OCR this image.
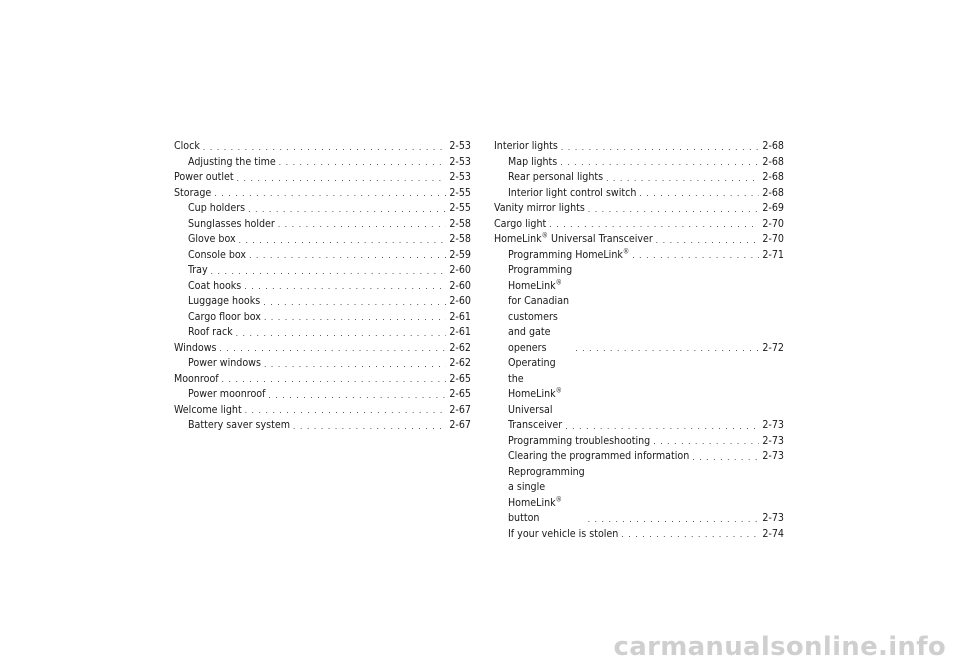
Clock . . .	2-53
Adjusting the time . . .	2-53
Power outlet . . .	2-53
Storage . . .	2-55
Cup holders . . .	2-55
Sunglasses holder . . .	2-58
Glove box . . .	2-58
Console box . . .	2-59
Tray . . .	2-60
Coat hooks . . .	2-60
Luggage hooks . . .	2-60
Cargo floor box . . .	2-61
Roof rack . . .	2-61
Windows . . .	2-62
Power windows . . .	2-62
Moonroof . . .	2-65
Power moonroof . . .	2-65
Welcome light . . .	2-67
Battery saver system . . .	2-67
Interior lights . . .	2-68
Map lights . . .	2-68
Rear personal lights . . .	2-68
Interior light control switch . . .	2-68
Vanity mirror lights . . .	2-69
Cargo light . . .	2-70
HomeLink® Universal Transceiver . . .	2-70
Programming HomeLink® . . .	2-71
Programming HomeLink® for Canadian
customers and gate openers . . .	2-72
Operating the HomeLink®
Universal Transceiver . . .	2-73
Programming troubleshooting . . .	2-73
Clearing the programmed information . . .	2-73
Reprogramming a single
HomeLink® button . . .	2-73
If your vehicle is stolen . . .	2-74
carmanualsonline.info
